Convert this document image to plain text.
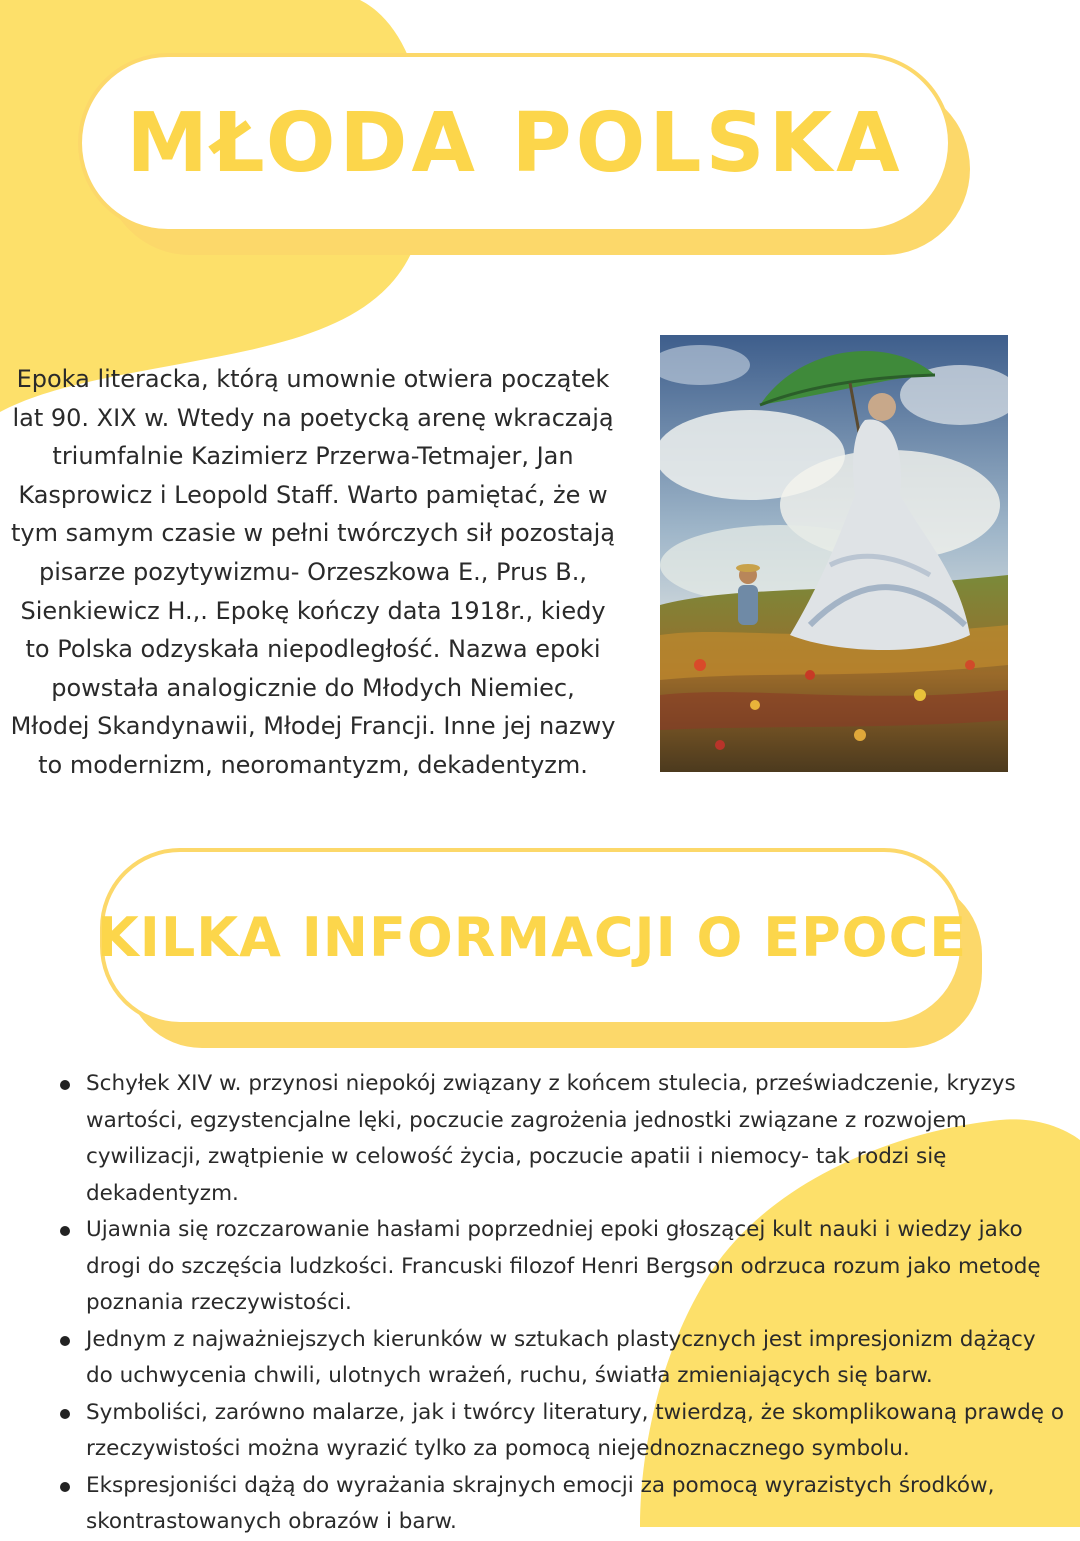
MŁODA POLSKA
Epoka literacka, którą umownie otwiera początek lat 90. XIX w. Wtedy na poetycką arenę wkraczają triumfalnie Kazimierz Przerwa-Tetmajer, Jan Kasprowicz i Leopold Staff. Warto pamiętać, że w tym samym czasie w pełni twórczych sił pozostają pisarze pozytywizmu- Orzeszkowa E., Prus B., Sienkiewicz H.,. Epokę kończy data 1918r., kiedy to Polska odzyskała niepodległość. Nazwa epoki powstała analogicznie do Młodych Niemiec, Młodej Skandynawii, Młodej Francji. Inne jej nazwy to modernizm, neoromantyzm, dekadentyzm.
KILKA INFORMACJI O EPOCE
Schyłek XIV w. przynosi niepokój związany z końcem stulecia, przeświadczenie, kryzys wartości, egzystencjalne lęki, poczucie zagrożenia jednostki związane z rozwojem cywilizacji, zwątpienie w celowość życia, poczucie apatii i niemocy- tak rodzi się dekadentyzm.
Ujawnia się rozczarowanie hasłami poprzedniej epoki głoszącej kult nauki i wiedzy jako drogi do szczęścia ludzkości. Francuski filozof Henri Bergson odrzuca rozum jako metodę poznania rzeczywistości.
Jednym z najważniejszych kierunków w sztukach plastycznych jest impresjonizm dążący do uchwycenia chwili, ulotnych wrażeń, ruchu, światła zmieniających się barw.
Symboliści, zarówno malarze, jak i twórcy literatury, twierdzą, że skomplikowaną prawdę o rzeczywistości można wyrazić tylko za pomocą niejednoznacznego symbolu.
Ekspresjoniści dążą do wyrażania skrajnych emocji za pomocą wyrazistych środków, skontrastowanych obrazów i barw.
